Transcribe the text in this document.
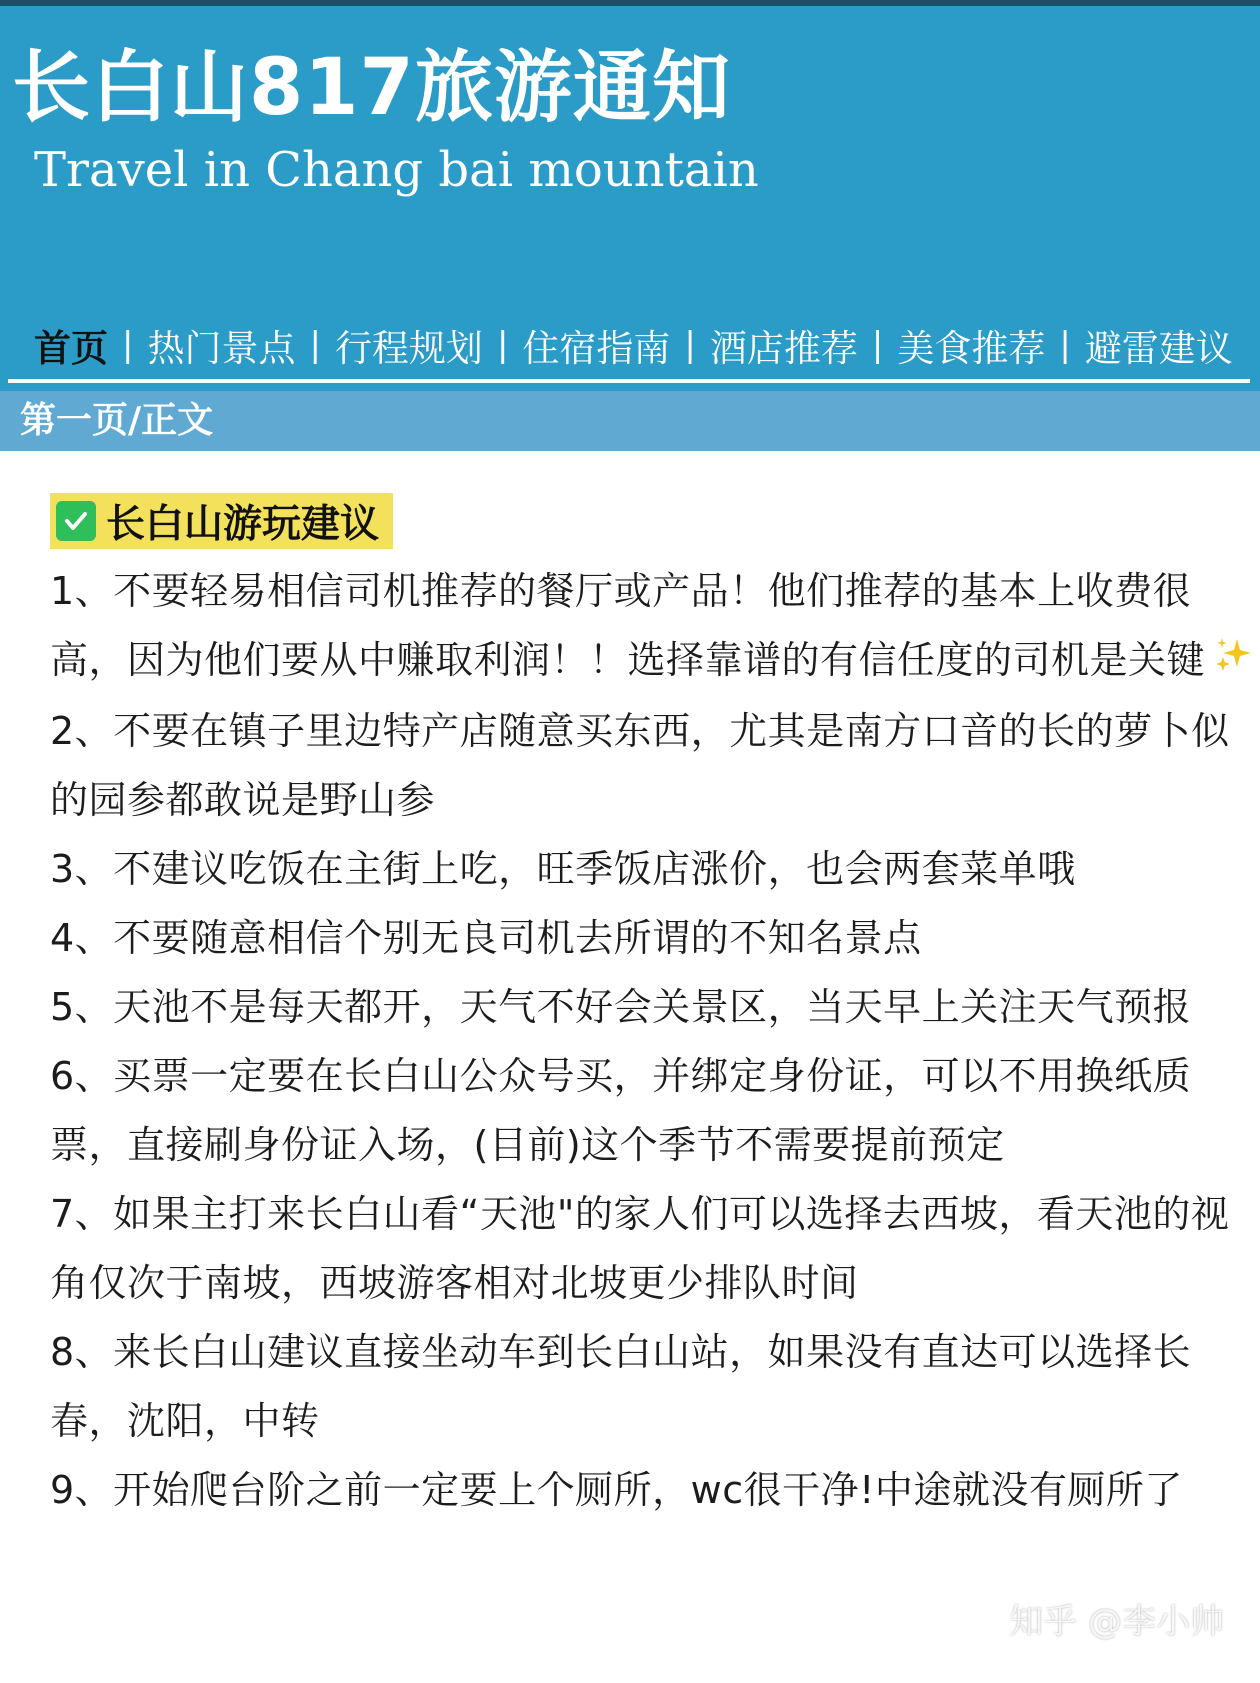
长白山817旅游通知
Travel in Chang bai mountain
首页 | 热门景点 | 行程规划 | 住宿指南 | 酒店推荐 | 美食推荐 | 避雷建议
第一页/正文
长白山游玩建议
1、不要轻易相信司机推荐的餐厅或产品！他们推荐的基本上收费很高，因为他们要从中赚取利润！！选择靠谱的有信任度的司机是关键
2、不要在镇子里边特产店随意买东西，尤其是南方口音的长的萝卜似的园参都敢说是野山参
3、不建议吃饭在主街上吃，旺季饭店涨价，也会两套菜单哦
4、不要随意相信个别无良司机去所谓的不知名景点
5、天池不是每天都开，天气不好会关景区，当天早上关注天气预报
6、买票一定要在长白山公众号买，并绑定身份证，可以不用换纸质票，直接刷身份证入场，(目前)这个季节不需要提前预定
7、如果主打来长白山看“天池"的家人们可以选择去西坡，看天池的视角仅次于南坡，西坡游客相对北坡更少排队时间
8、来长白山建议直接坐动车到长白山站，如果没有直达可以选择长春，沈阳，中转
9、开始爬台阶之前一定要上个厕所，wc很干净!中途就没有厕所了
知乎 @李小帅
